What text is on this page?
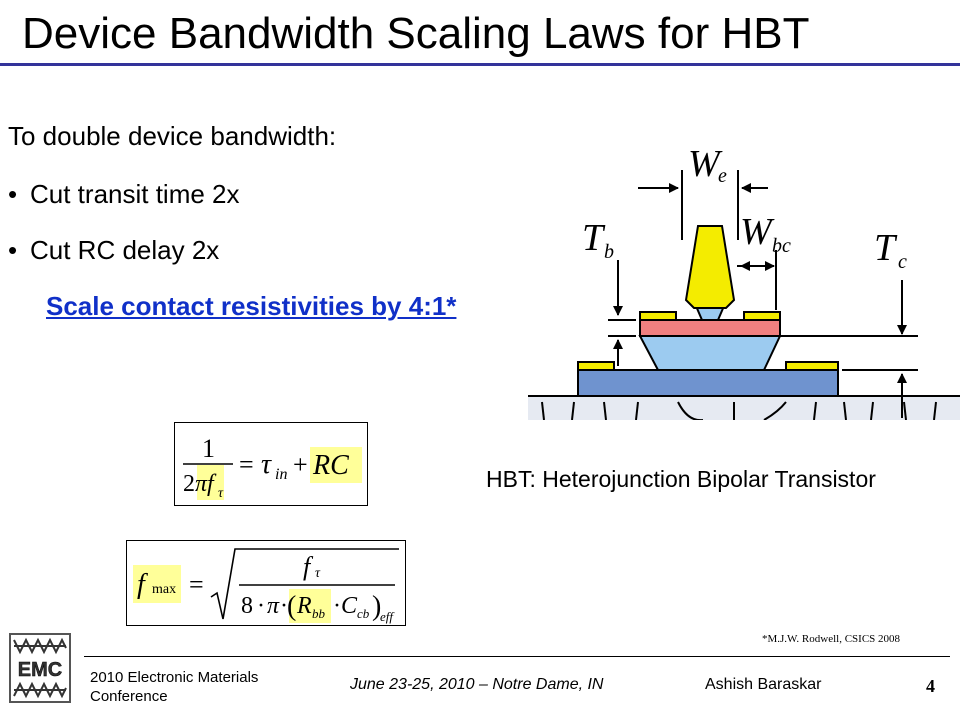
Device Bandwidth Scaling Laws for HBT
To double device bandwidth:
• Cut transit time 2x
• Cut RC delay 2x
Scale contact resistivities by 4:1*
W
e
T b	W bc T c
HBT: Heterojunction Bipolar Transistor
1
2 π f τ
= τ in + RC
f max =
f τ
8 · π · ( R bb · C cb )
eff
*M.J.W. Rodwell, CSICS 2008
EMC 2010 Electronic Materials Conference
June 23-25, 2010 – Notre Dame, IN	Ashish Baraskar	4
